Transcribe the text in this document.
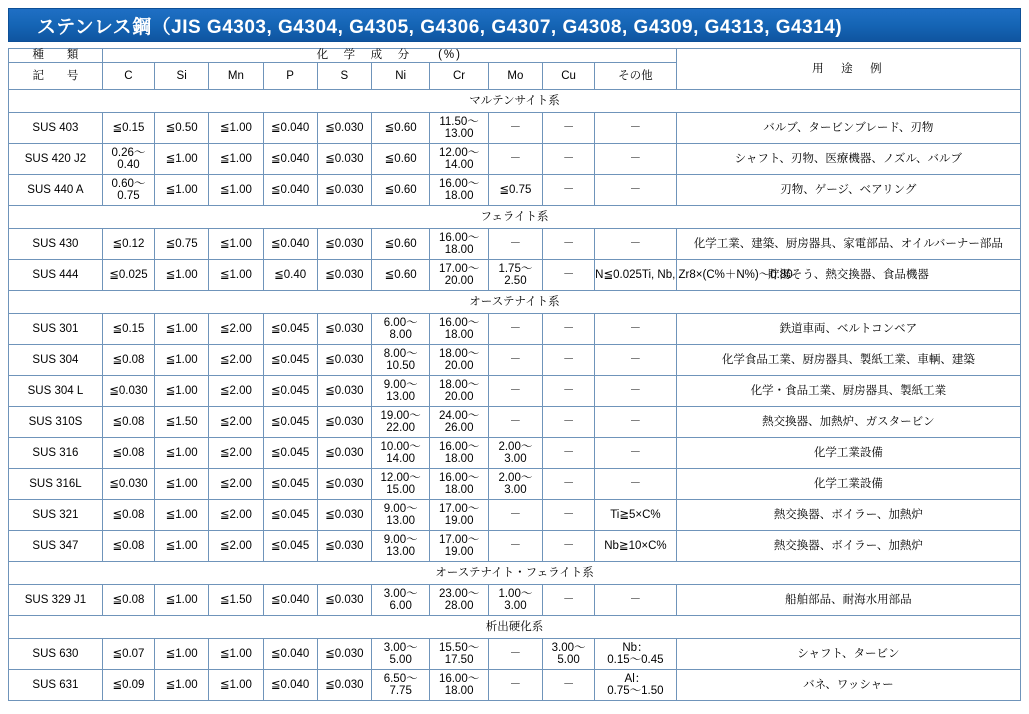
ステンレス鋼（JIS G4303, G4304, G4305, G4306, G4307, G4308, G4309, G4313, G4314)
種　　類	化　学　成　分　　(%)										用　途　例
記　　号	C	Si	Mn	P	S	Ni	Cr	Mo	Cu	その他	
マルテンサイト系											
SUS 403	≦0.15	≦0.50	≦1.00	≦0.040	≦0.030	≦0.60	11.50～
13.00	－	－	－	バルブ、タービンブレード、刃物
SUS 420 J2	0.26～
0.40	≦1.00	≦1.00	≦0.040	≦0.030	≦0.60	12.00～
14.00	－	－	－	シャフト、刃物、医療機器、ノズル、バルブ
SUS 440 A	0.60～
0.75	≦1.00	≦1.00	≦0.040	≦0.030	≦0.60	16.00～
18.00	≦0.75	－	－	刃物、ゲージ、ベアリング
フェライト系											
SUS 430	≦0.12	≦0.75	≦1.00	≦0.040	≦0.030	≦0.60	16.00～
18.00	－	－	－	化学工業、建築、厨房器具、家電部品、オイルバーナー部品
SUS 444	≦0.025	≦1.00	≦1.00	≦0.40	≦0.030	≦0.60	17.00～
20.00	1.75～
2.50	－	N≦0.025Ti, Nb, Zr8×(C%＋N%)～0.80	貯湯そう、熱交換器、食品機器
オーステナイト系											
SUS 301	≦0.15	≦1.00	≦2.00	≦0.045	≦0.030	6.00～
8.00	16.00～
18.00	－	－	－	鉄道車両、ベルトコンベア
SUS 304	≦0.08	≦1.00	≦2.00	≦0.045	≦0.030	8.00～
10.50	18.00～
20.00	－	－	－	化学食品工業、厨房器具、製紙工業、車輌、建築
SUS 304 L	≦0.030	≦1.00	≦2.00	≦0.045	≦0.030	9.00～
13.00	18.00～
20.00	－	－	－	化学・食品工業、厨房器具、製紙工業
SUS 310S	≦0.08	≦1.50	≦2.00	≦0.045	≦0.030	19.00～
22.00	24.00～
26.00	－	－	－	熱交換器、加熱炉、ガスタービン
SUS 316	≦0.08	≦1.00	≦2.00	≦0.045	≦0.030	10.00～
14.00	16.00～
18.00	2.00～
3.00	－	－	化学工業設備
SUS 316L	≦0.030	≦1.00	≦2.00	≦0.045	≦0.030	12.00～
15.00	16.00～
18.00	2.00～
3.00	－	－	化学工業設備
SUS 321	≦0.08	≦1.00	≦2.00	≦0.045	≦0.030	9.00～
13.00	17.00～
19.00	－	－	Ti≧5×C%	熱交換器、ボイラー、加熱炉
SUS 347	≦0.08	≦1.00	≦2.00	≦0.045	≦0.030	9.00～
13.00	17.00～
19.00	－	－	Nb≧10×C%	熱交換器、ボイラー、加熱炉
オーステナイト・フェライト系											
SUS 329 J1	≦0.08	≦1.00	≦1.50	≦0.040	≦0.030	3.00～
6.00	23.00～
28.00	1.00～
3.00	－	－	船舶部品、耐海水用部品
析出硬化系											
SUS 630	≦0.07	≦1.00	≦1.00	≦0.040	≦0.030	3.00～
5.00	15.50～
17.50	－	3.00～
5.00	Nb：
0.15～0.45	シャフト、タービン
SUS 631	≦0.09	≦1.00	≦1.00	≦0.040	≦0.030	6.50～
7.75	16.00～
18.00	－	－	Al：
0.75～1.50	バネ、ワッシャー
